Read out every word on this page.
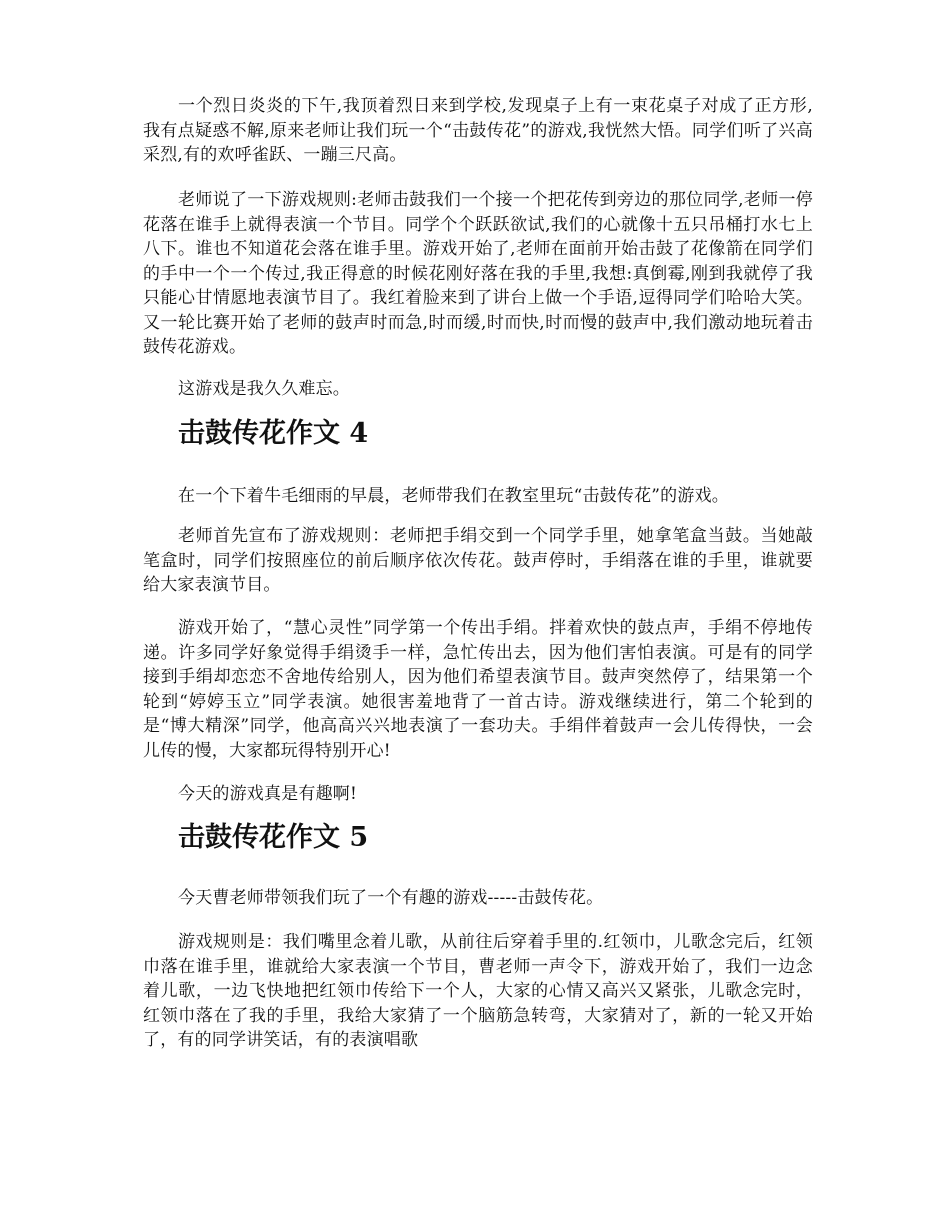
一个烈日炎炎的下午,我顶着烈日来到学校,发现桌子上有一束花桌子对成了正方形,我有点疑惑不解,原来老师让我们玩一个“击鼓传花”的游戏,我恍然大悟。同学们听了兴高采烈,有的欢呼雀跃、一蹦三尺高。

老师说了一下游戏规则:老师击鼓我们一个接一个把花传到旁边的那位同学,老师一停花落在谁手上就得表演一个节目。同学个个跃跃欲试,我们的心就像十五只吊桶打水七上八下。谁也不知道花会落在谁手里。游戏开始了,老师在面前开始击鼓了花像箭在同学们的手中一个一个传过,我正得意的时候花刚好落在我的手里,我想:真倒霉,刚到我就停了我只能心甘情愿地表演节目了。我红着脸来到了讲台上做一个手语,逗得同学们哈哈大笑。又一轮比赛开始了老师的鼓声时而急,时而缓,时而快,时而慢的鼓声中,我们激动地玩着击鼓传花游戏。

这游戏是我久久难忘。

击鼓传花作文 4

在一个下着牛毛细雨的早晨，老师带我们在教室里玩“击鼓传花”的游戏。

老师首先宣布了游戏规则：老师把手绢交到一个同学手里，她拿笔盒当鼓。当她敲笔盒时，同学们按照座位的前后顺序依次传花。鼓声停时，手绢落在谁的手里，谁就要给大家表演节目。

游戏开始了，“慧心灵性”同学第一个传出手绢。拌着欢快的鼓点声，手绢不停地传递。许多同学好象觉得手绢烫手一样，急忙传出去，因为他们害怕表演。可是有的同学接到手绢却恋恋不舍地传给别人，因为他们希望表演节目。鼓声突然停了，结果第一个轮到“婷婷玉立”同学表演。她很害羞地背了一首古诗。游戏继续进行，第二个轮到的是“博大精深”同学，他高高兴兴地表演了一套功夫。手绢伴着鼓声一会儿传得快，一会儿传的慢，大家都玩得特别开心!

今天的游戏真是有趣啊!

击鼓传花作文 5

今天曹老师带领我们玩了一个有趣的游戏-----击鼓传花。

游戏规则是：我们嘴里念着儿歌，从前往后穿着手里的.红领巾，儿歌念完后，红领巾落在谁手里，谁就给大家表演一个节目，曹老师一声令下，游戏开始了，我们一边念着儿歌，一边飞快地把红领巾传给下一个人，大家的心情又高兴又紧张，儿歌念完时，红领巾落在了我的手里，我给大家猜了一个脑筋急转弯，大家猜对了，新的一轮又开始了，有的同学讲笑话，有的表演唱歌
